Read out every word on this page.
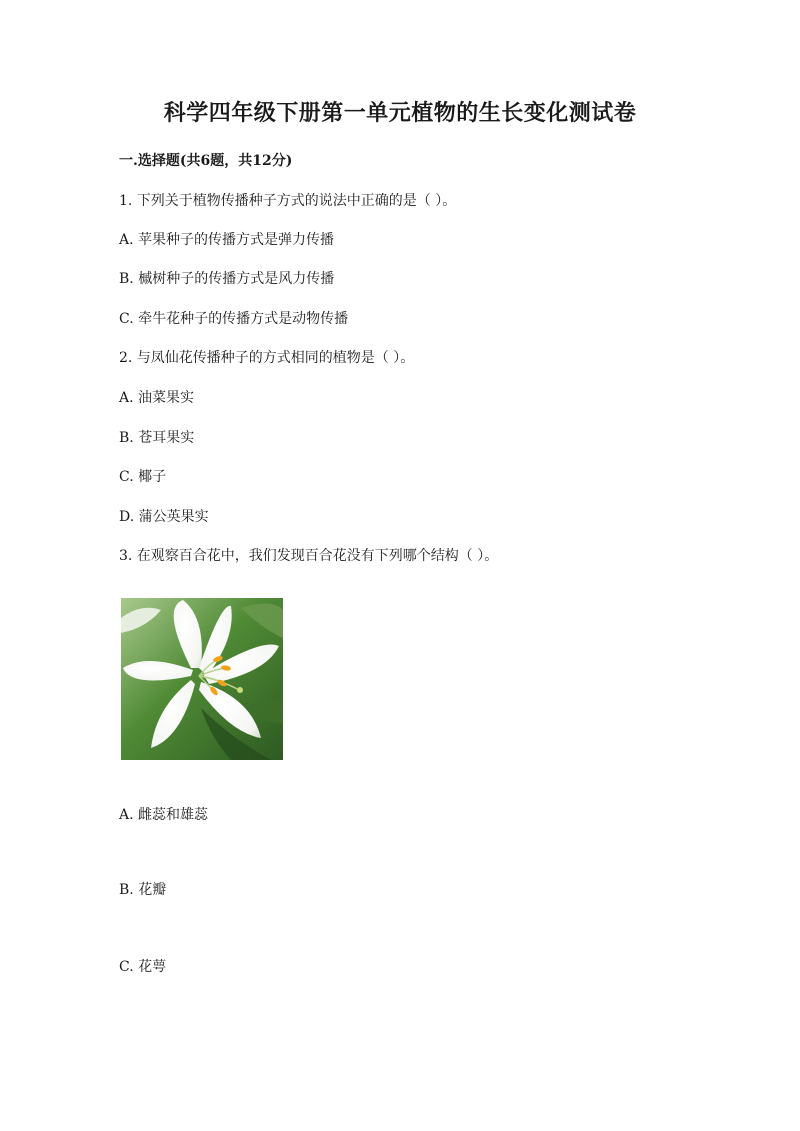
科学四年级下册第一单元植物的生长变化测试卷
一.选择题(共6题，共12分)
1. 下列关于植物传播种子方式的说法中正确的是（ ）。
A. 苹果种子的传播方式是弹力传播
B. 槭树种子的传播方式是风力传播
C. 牵牛花种子的传播方式是动物传播
2. 与凤仙花传播种子的方式相同的植物是（ ）。
A. 油菜果实
B. 苍耳果实
C. 椰子
D. 蒲公英果实
3. 在观察百合花中，我们发现百合花没有下列哪个结构（ ）。
A. 雌蕊和雄蕊
B. 花瓣
C. 花萼
